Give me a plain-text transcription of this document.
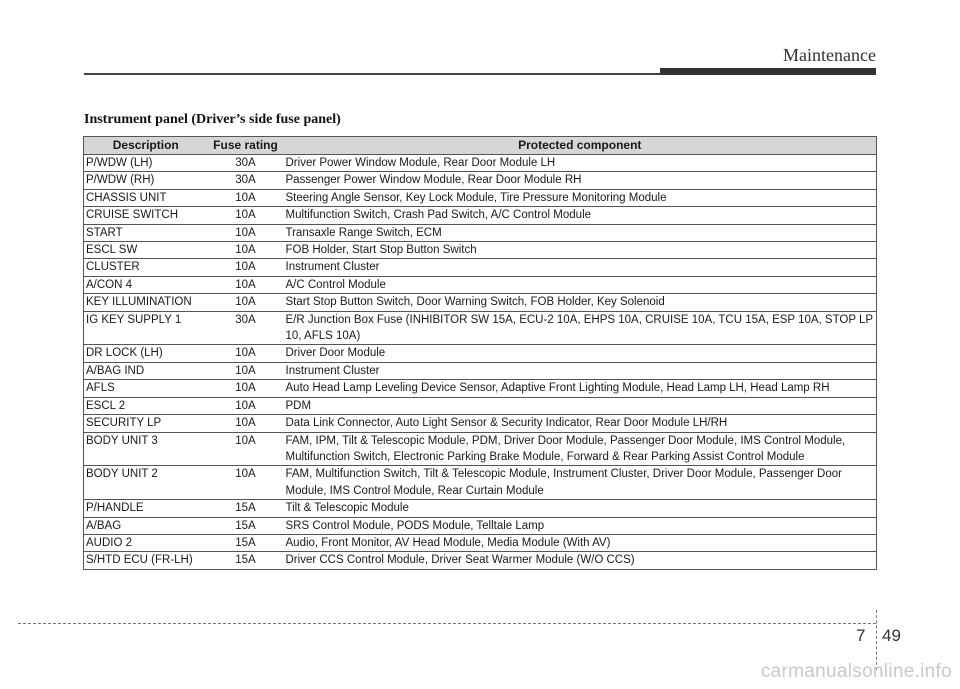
Maintenance
Instrument panel (Driver’s side fuse panel)
Description	Fuse rating	Protected component
P/WDW (LH)	30A	Driver Power Window Module, Rear Door Module LH
P/WDW (RH)	30A	Passenger Power Window Module, Rear Door Module RH
CHASSIS UNIT	10A	Steering Angle Sensor, Key Lock Module, Tire Pressure Monitoring Module
CRUISE SWITCH	10A	Multifunction Switch, Crash Pad Switch, A/C Control Module
START	10A	Transaxle Range Switch, ECM
ESCL SW	10A	FOB Holder, Start Stop Button Switch
CLUSTER	10A	Instrument Cluster
A/CON 4	10A	A/C Control Module
KEY ILLUMINATION	10A	Start Stop Button Switch, Door Warning Switch, FOB Holder, Key Solenoid
IG KEY SUPPLY 1	30A	E/R Junction Box Fuse (INHIBITOR SW 15A, ECU-2 10A, EHPS 10A, CRUISE 10A, TCU 15A, ESP 10A, STOP LP 10, AFLS 10A)
DR LOCK (LH)	10A	Driver Door Module
A/BAG IND	10A	Instrument Cluster
AFLS	10A	Auto Head Lamp Leveling Device Sensor, Adaptive Front Lighting Module, Head Lamp LH, Head Lamp RH
ESCL 2	10A	PDM
SECURITY LP	10A	Data Link Connector, Auto Light Sensor & Security Indicator, Rear Door Module LH/RH
BODY UNIT 3	10A	FAM, IPM, Tilt & Telescopic Module, PDM, Driver Door Module, Passenger Door Module, IMS Control Module, Multifunction Switch, Electronic Parking Brake Module, Forward & Rear Parking Assist Control Module
BODY UNIT 2	10A	FAM, Multifunction Switch, Tilt & Telescopic Module, Instrument Cluster, Driver Door Module, Passenger Door Module, IMS Control Module, Rear Curtain Module
P/HANDLE	15A	Tilt & Telescopic Module
A/BAG	15A	SRS Control Module, PODS Module, Telltale Lamp
AUDIO 2	15A	Audio, Front Monitor, AV Head Module, Media Module (With AV)
S/HTD ECU (FR-LH)	15A	Driver CCS Control Module, Driver Seat Warmer Module (W/O CCS)
7 49
carmanualsonline.info
